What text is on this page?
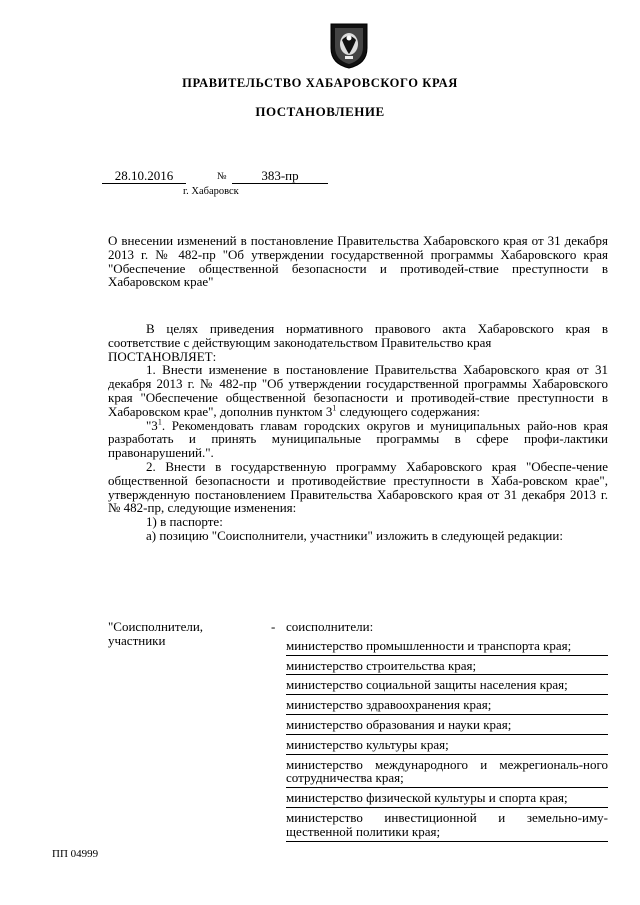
ПРАВИТЕЛЬСТВО ХАБАРОВСКОГО КРАЯ
ПОСТАНОВЛЕНИЕ
28.10.2016	№	383-пр
г. Хабаровск
О внесении изменений в постановление Правительства Хабаровского края от 31 декабря 2013 г. № 482-пр "Об утверждении государственной программы Хабаровского края "Обеспечение общественной безопасности и противодей-ствие преступности в Хабаровском крае"

В целях приведения нормативного правового акта Хабаровского края в соответствие с действующим законодательством Правительство края

ПОСТАНОВЛЯЕТ:

1. Внести изменение в постановление Правительства Хабаровского края от 31 декабря 2013 г. № 482-пр "Об утверждении государственной программы Хабаровского края "Обеспечение общественной безопасности и противодей-ствие преступности в Хабаровском крае", дополнив пунктом $3^1$ следующего содержания:

"$3^1$. Рекомендовать главам городских округов и муниципальных райо-нов края разработать и принять муниципальные программы в сфере профи-лактики правонарушений.".

2. Внести в государственную программу Хабаровского края "Обеспе-чение общественной безопасности и противодействие преступности в Хаба-ровском крае", утвержденную постановлением Правительства Хабаровского края от 31 декабря 2013 г. № 482-пр, следующие изменения:

1) в паспорте:

а) позицию "Соисполнители, участники" изложить в следующей редакции:

"Соисполнители, участники
- соисполнители:
министерство промышленности и транспорта края;
министерство строительства края;
министерство социальной защиты населения края;
министерство здравоохранения края;
министерство образования и науки края;
министерство культуры края;
министерство международного и межрегиональ-ного сотрудничества края;
министерство физической культуры и спорта края;
министерство инвестиционной и земельно-иму-щественной политики края;
ПП 04999
